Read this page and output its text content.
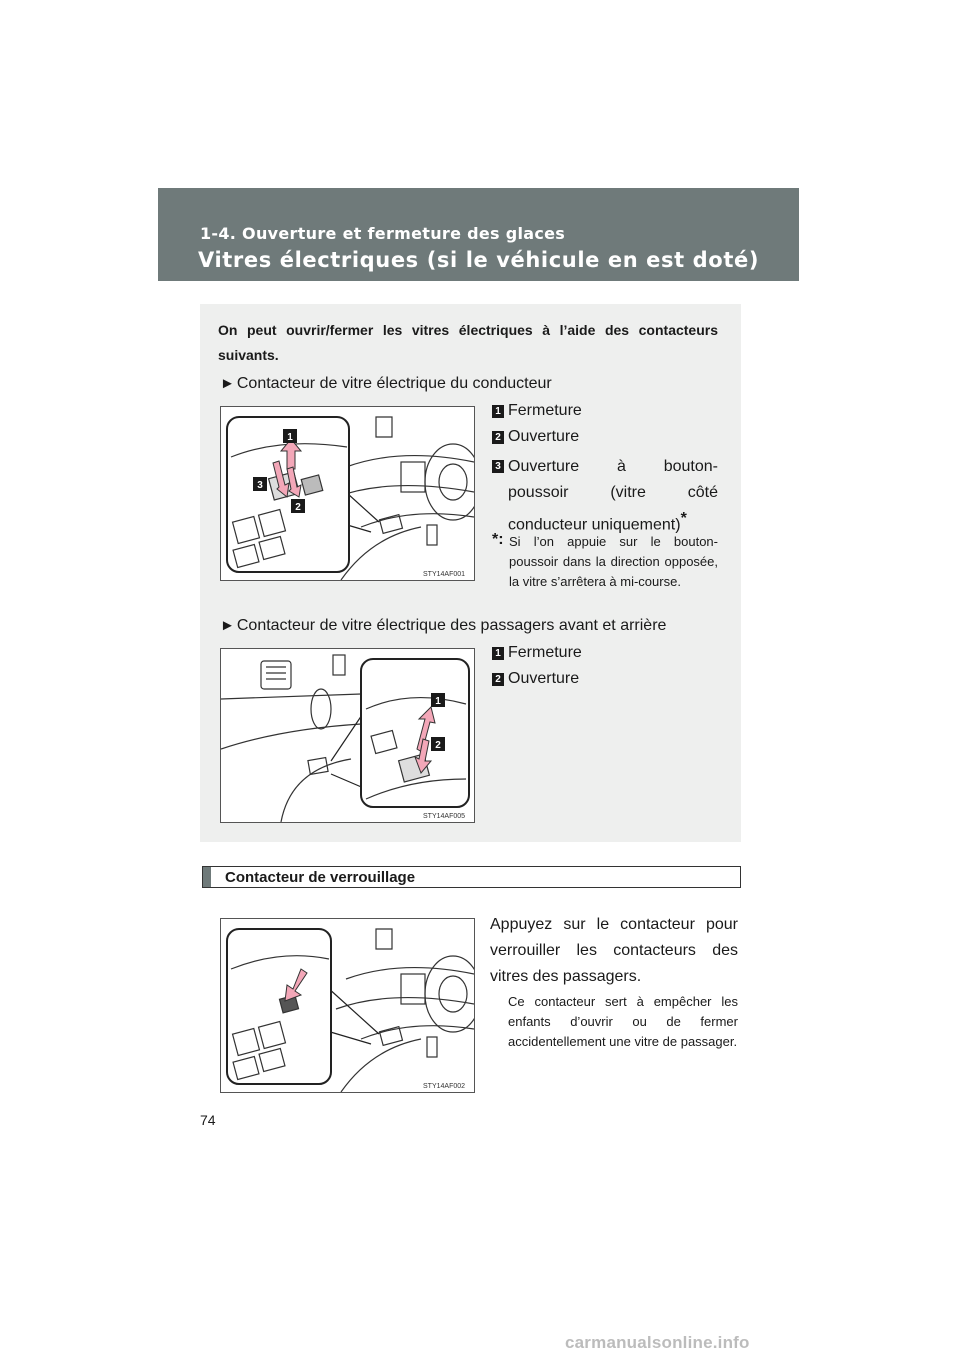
1-4. Ouverture et fermeture des glaces
Vitres électriques (si le véhicule en est doté)
On peut ouvrir/fermer les vitres électriques à l’aide des contacteurs suivants.
► Contacteur de vitre électrique du conducteur
1
3
2
STY14AF001
1 Fermeture
2 Ouverture
3 Ouverture à bouton-
poussoir (vitre côté
conducteur uniquement)*
*: Si l’on appuie sur le bouton-poussoir dans la direction opposée, la vitre s’arrêtera à mi-course.
► Contacteur de vitre électrique des passagers avant et arrière
1
2
STY14AF005
1 Fermeture
2 Ouverture
Contacteur de verrouillage
STY14AF002
Appuyez sur le contacteur pour verrouiller les contacteurs des vitres des passagers.
Ce contacteur sert à empêcher les enfants d’ouvrir ou de fermer accidentellement une vitre de passager.
74
carmanualsonline.info
